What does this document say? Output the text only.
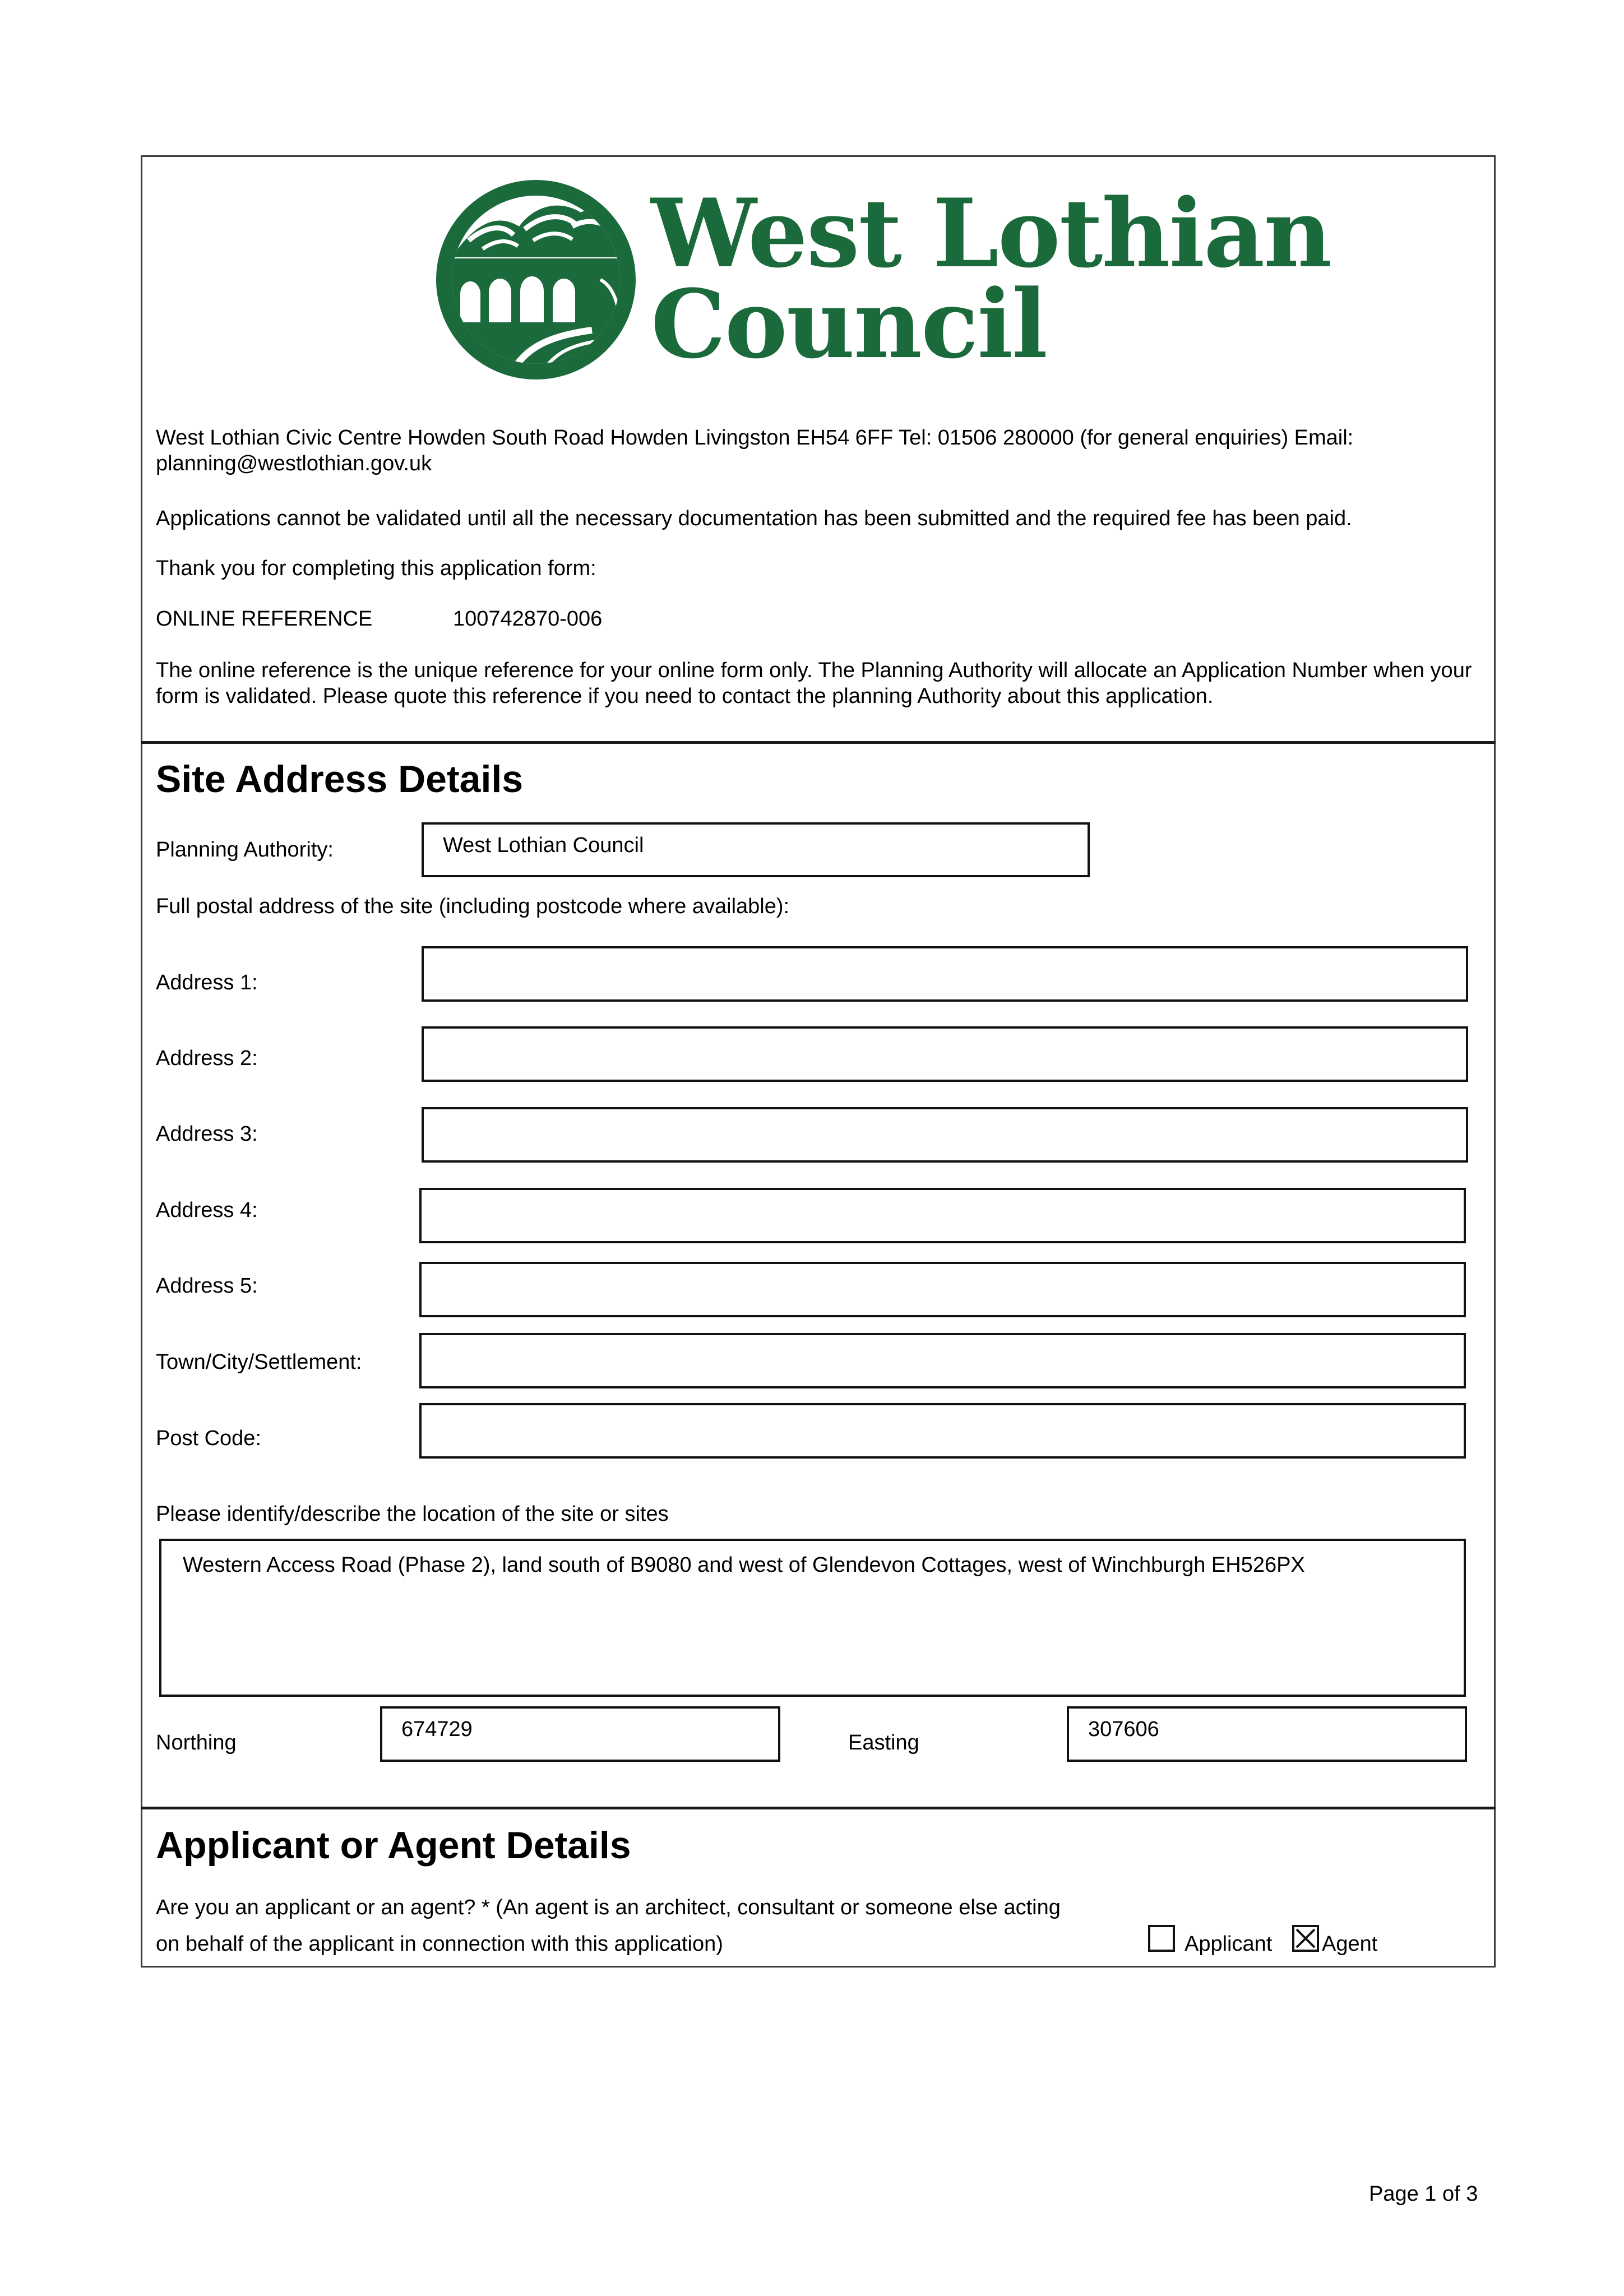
West Lothian
Council
West Lothian Civic Centre Howden South Road Howden Livingston EH54 6FF Tel: 01506 280000 (for general enquiries) Email: planning@westlothian.gov.uk
Applications cannot be validated until all the necessary documentation has been submitted and the required fee has been paid.
Thank you for completing this application form:
ONLINE REFERENCE	100742870-006
The online reference is the unique reference for your online form only. The Planning Authority will allocate an Application Number when your form is validated. Please quote this reference if you need to contact the planning Authority about this application.
Site Address Details
Planning Authority:	West Lothian Council
Full postal address of the site (including postcode where available):
Address 1:
Address 2:
Address 3:
Address 4:
Address 5:
Town/City/Settlement:
Post Code:
Please identify/describe the location of the site or sites
Western Access Road (Phase 2), land south of B9080 and west of Glendevon Cottages, west of Winchburgh EH526PX
Northing
674729
Easting
307606
Applicant or Agent Details
Are you an applicant or an agent? * (An agent is an architect, consultant or someone else acting
on behalf of the applicant in connection with this application)	Applicant Agent
Page 1 of 3
